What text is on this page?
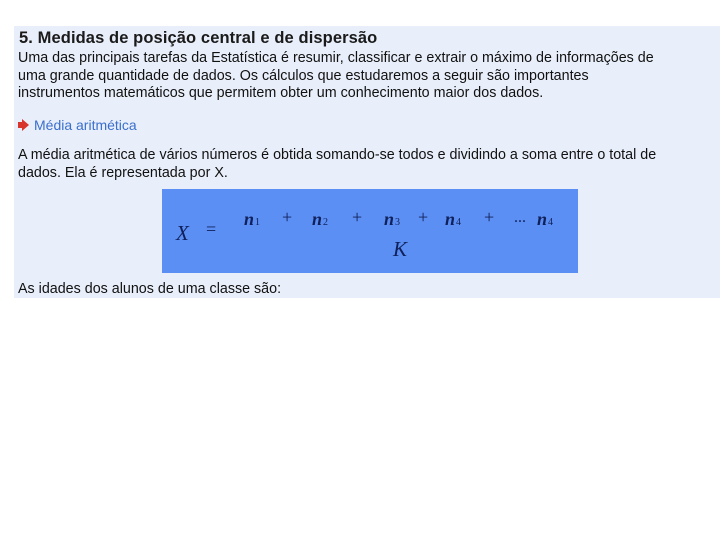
5. Medidas de posição central e de dispersão

Uma das principais tarefas da Estatística é resumir, classificar e extrair o máximo de informações de
uma grande quantidade de dados. Os cálculos que estudaremos a seguir são importantes
instrumentos matemáticos que permitem obter um conhecimento maior dos dados.

Média aritmética

A média aritmética de vários números é obtida somando-se todos e dividindo a soma entre o total de
dados. Ela é representada por X.

X = n1 + n2 + n3 + n4 + ... n4
K

As idades dos alunos de uma classe são:
